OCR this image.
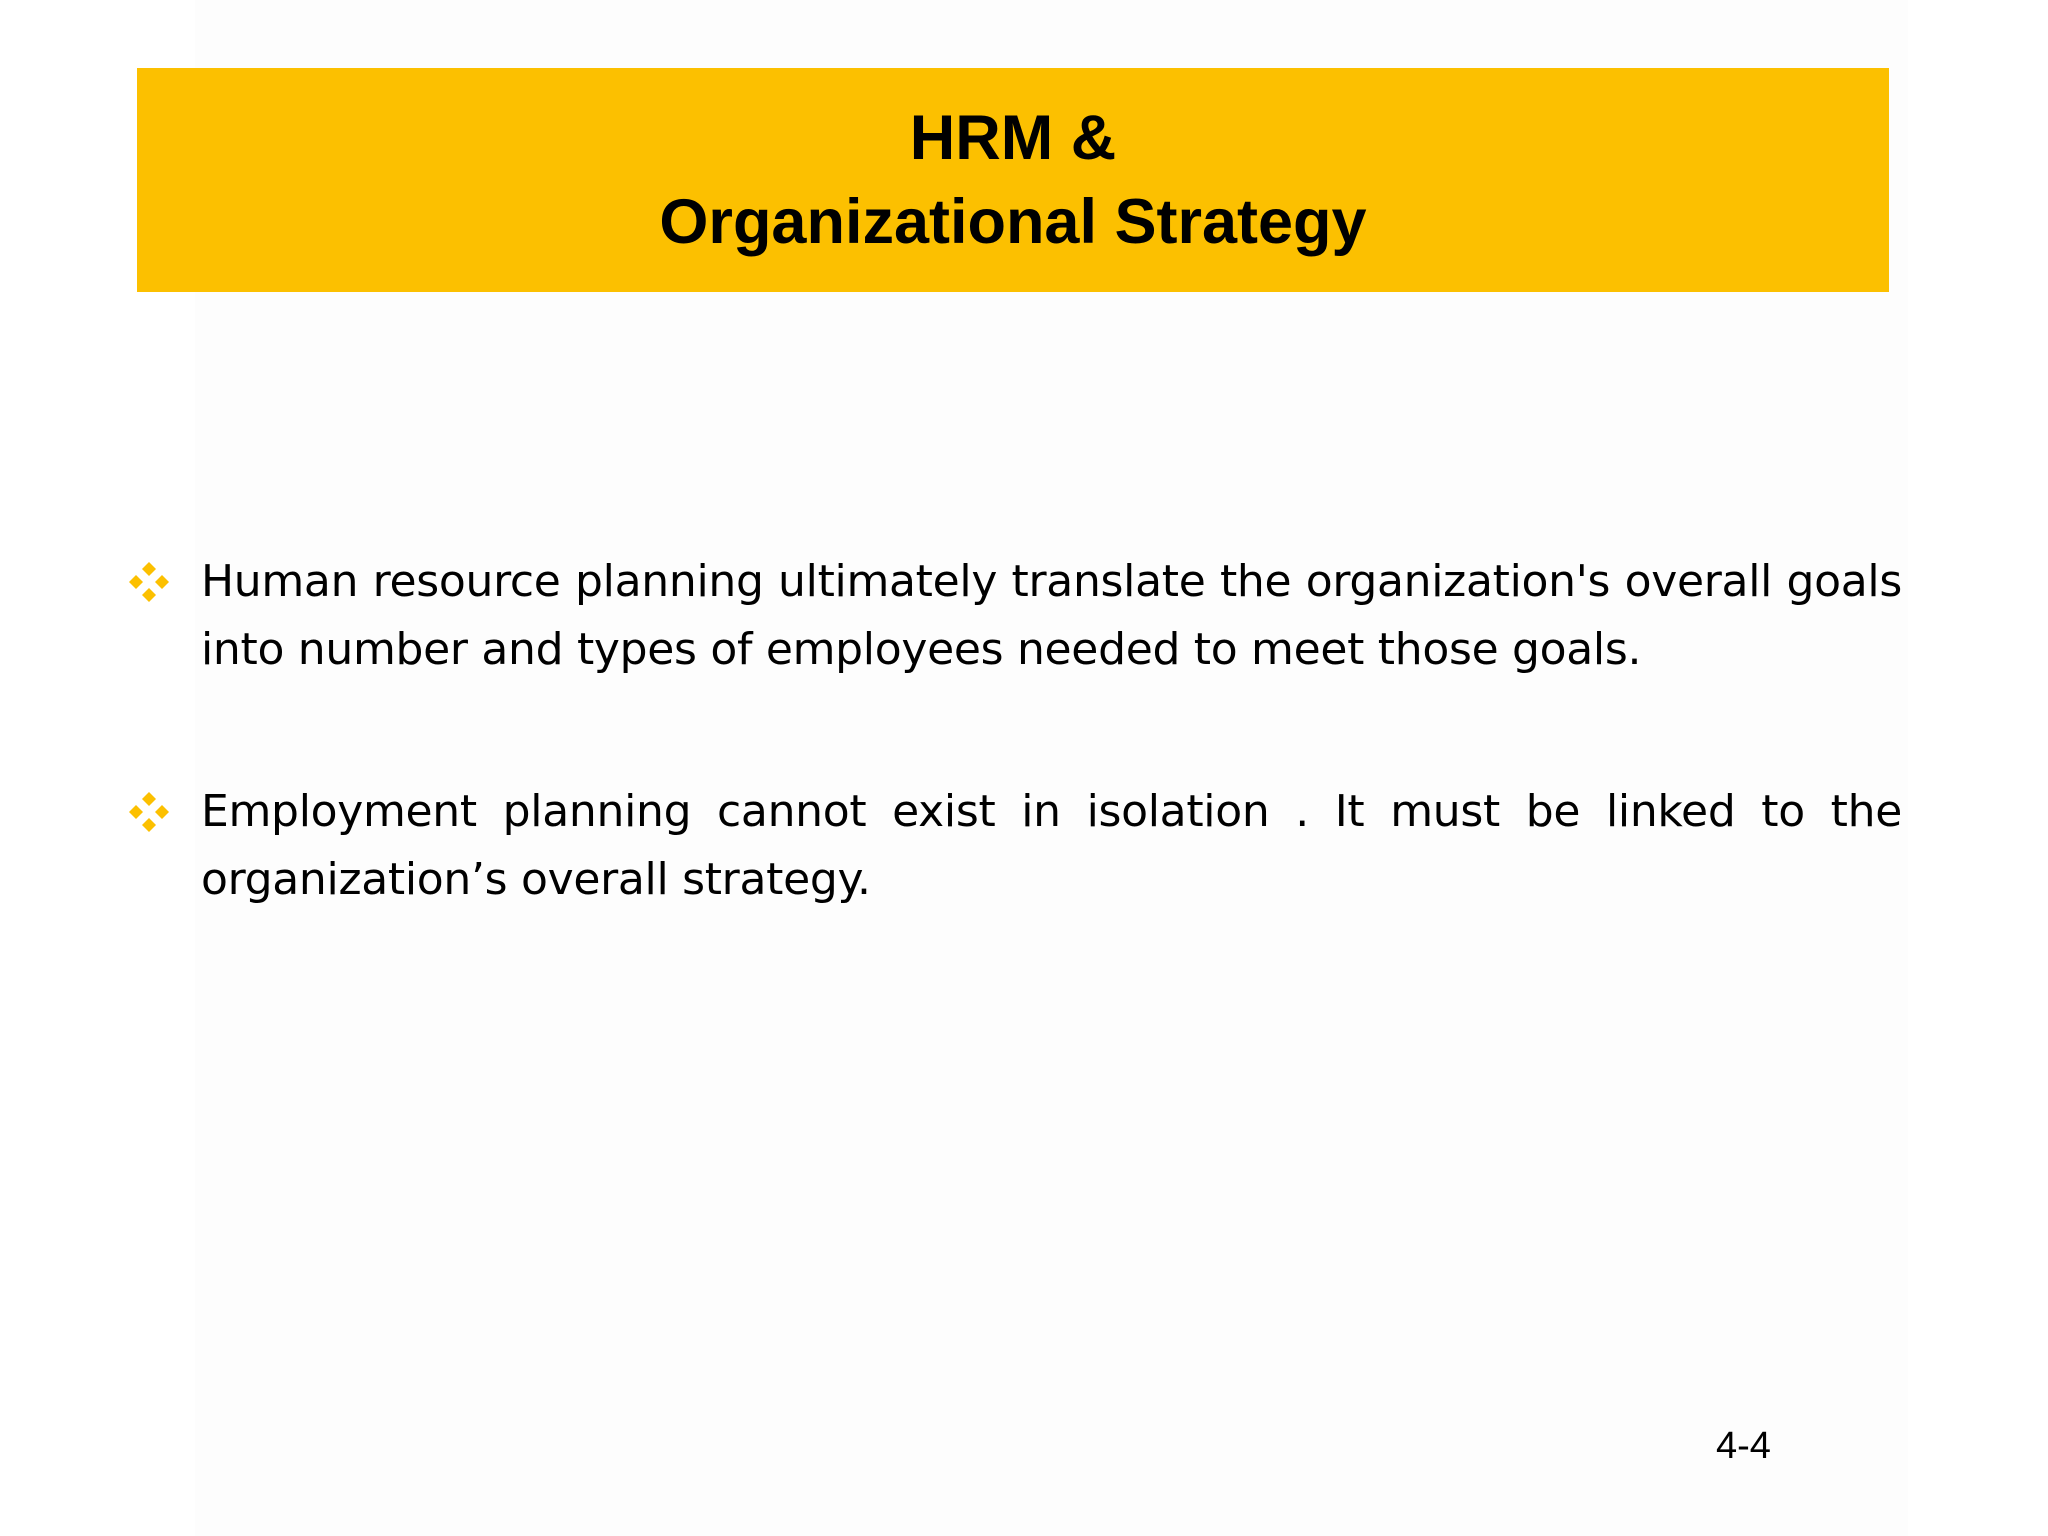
HRM &
Organizational Strategy
Human resource planning ultimately translate the organization's overall goals into number and types of employees needed to meet those goals.
Employment planning cannot exist in isolation . It must be linked to the organization’s overall strategy.
4-4
